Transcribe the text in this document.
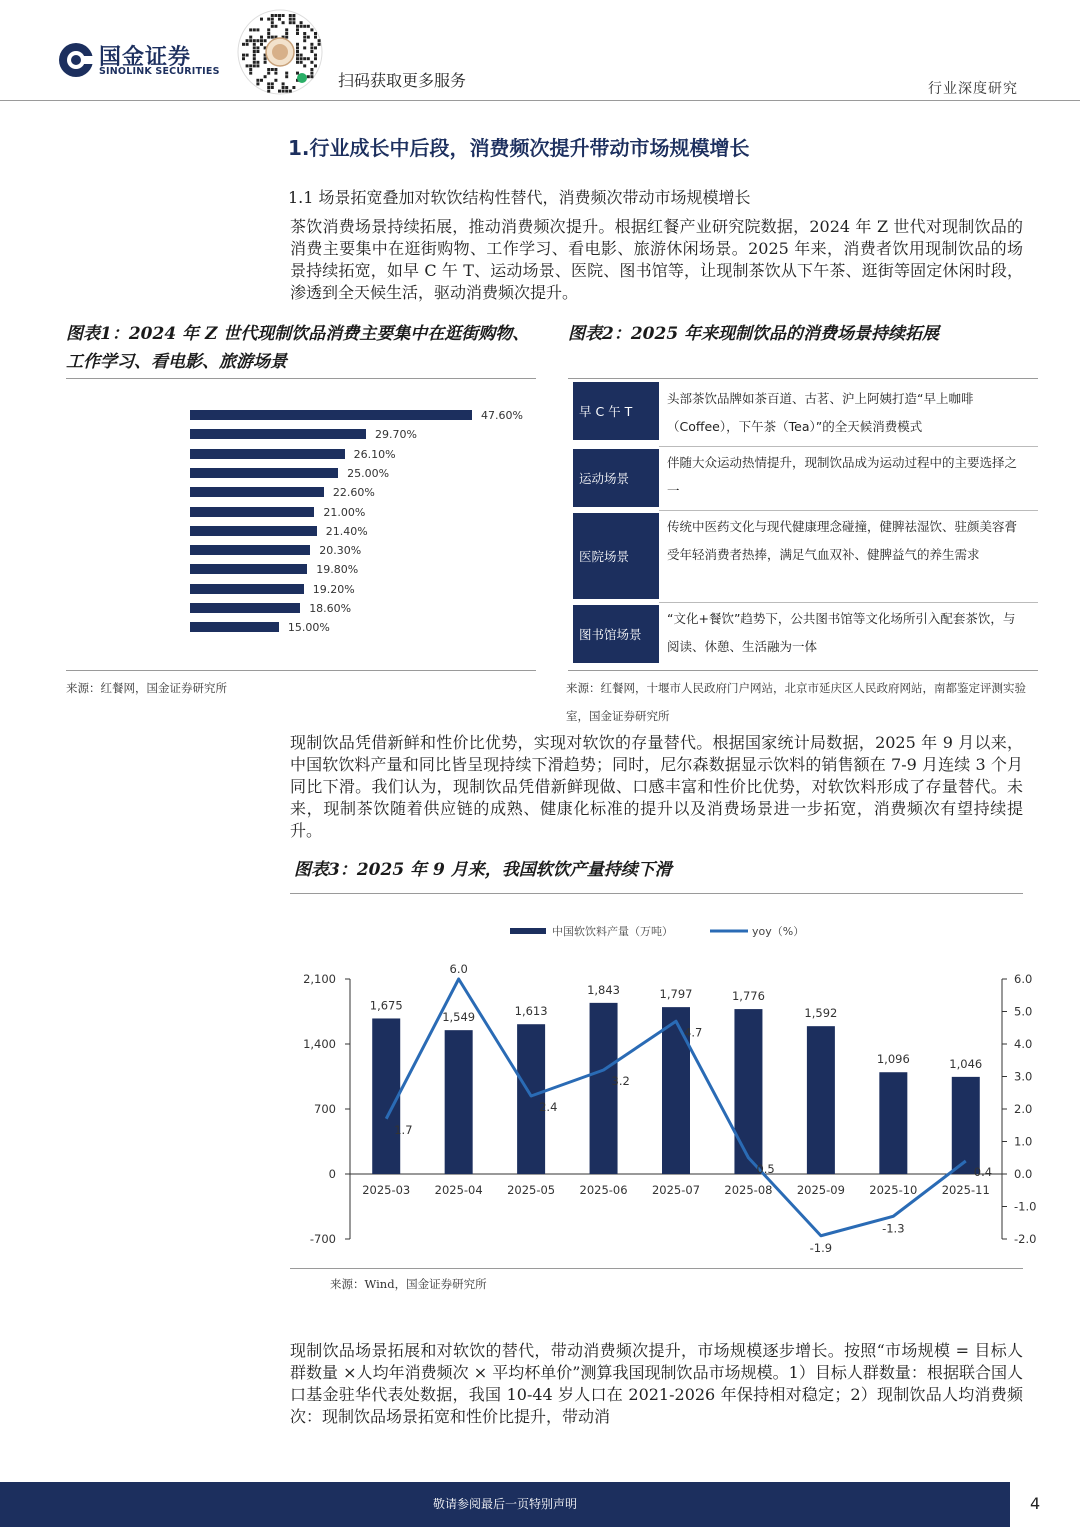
国金证券
SINOLINK SECURITIES	扫码获取更多服务	行业深度研究
1.行业成长中后段，消费频次提升带动市场规模增长
1.1 场景拓宽叠加对软饮结构性替代，消费频次带动市场规模增长
茶饮消费场景持续拓展，推动消费频次提升。根据红餐产业研究院数据，2024 年 Z 世代对现制饮品的消费主要集中在逛街购物、工作学习、看电影、旅游休闲场景。2025 年来，消费者饮用现制饮品的场景持续拓宽，如早 C 午 T、运动场景、医院、图书馆等，让现制茶饮从下午茶、逛街等固定休闲时段，渗透到全天候生活，驱动消费频次提升。
图表1：2024 年 Z 世代现制饮品消费主要集中在逛街购物、工作学习、看电影、旅游场景
47.60%
29.70%
26.10%
25.00%
22.60%
21.00%
21.40%
20.30%
19.80%
19.20%
18.60%
15.00%
来源：红餐网，国金证券研究所
图表2：2025 年来现制饮品的消费场景持续拓展
早 C 午 T
头部茶饮品牌如茶百道、古茗、沪上阿姨打造“早上咖啡（Coffee），下午茶（Tea）”的全天候消费模式
运动场景
伴随大众运动热情提升，现制饮品成为运动过程中的主要选择之一
医院场景
传统中医药文化与现代健康理念碰撞，健脾祛湿饮、驻颜美容膏受年轻消费者热捧，满足气血双补、健脾益气的养生需求
图书馆场景
“文化+餐饮”趋势下，公共图书馆等文化场所引入配套茶饮，与阅读、休憩、生活融为一体
来源：红餐网，十堰市人民政府门户网站，北京市延庆区人民政府网站，南都鉴定评测实验室，国金证券研究所
现制饮品凭借新鲜和性价比优势，实现对软饮的存量替代。根据国家统计局数据，2025 年 9 月以来，中国软饮料产量和同比皆呈现持续下滑趋势；同时，尼尔森数据显示饮料的销售额在 7-9 月连续 3 个月同比下滑。我们认为，现制饮品凭借新鲜现做、口感丰富和性价比优势，对软饮料形成了存量替代。未来，现制茶饮随着供应链的成熟、健康化标准的提升以及消费场景进一步拓宽，消费频次有望持续提升。
图表3：2025 年 9 月来，我国软饮产量持续下滑
中国软饮料产量（万吨）	yoy（%）
2,100
1,400
700
0
-700
6.0
5.0
4.0
3.0
2.0
1.0
0.0
-1.0
-2.0
1,675
2025-03
1,549
2025-04
1,613
2025-05
1,843
2025-06
1,797
2025-07
1,776
2025-08
1,592
2025-09
1,096
2025-10
1,046
2025-11
1.7
6.0
2.4
3.2
4.7
0.5
-1.9
-1.3
0.4
来源：Wind，国金证券研究所
现制饮品场景拓展和对软饮的替代，带动消费频次提升，市场规模逐步增长。按照“市场规模 = 目标人群数量 ×人均年消费频次 × 平均杯单价”测算我国现制饮品市场规模。1）目标人群数量：根据联合国人口基金驻华代表处数据，我国 10-44 岁人口在 2021-2026 年保持相对稳定；2）现制饮品人均消费频次：现制饮品场景拓宽和性价比提升，带动消
敬请参阅最后一页特别声明	4
